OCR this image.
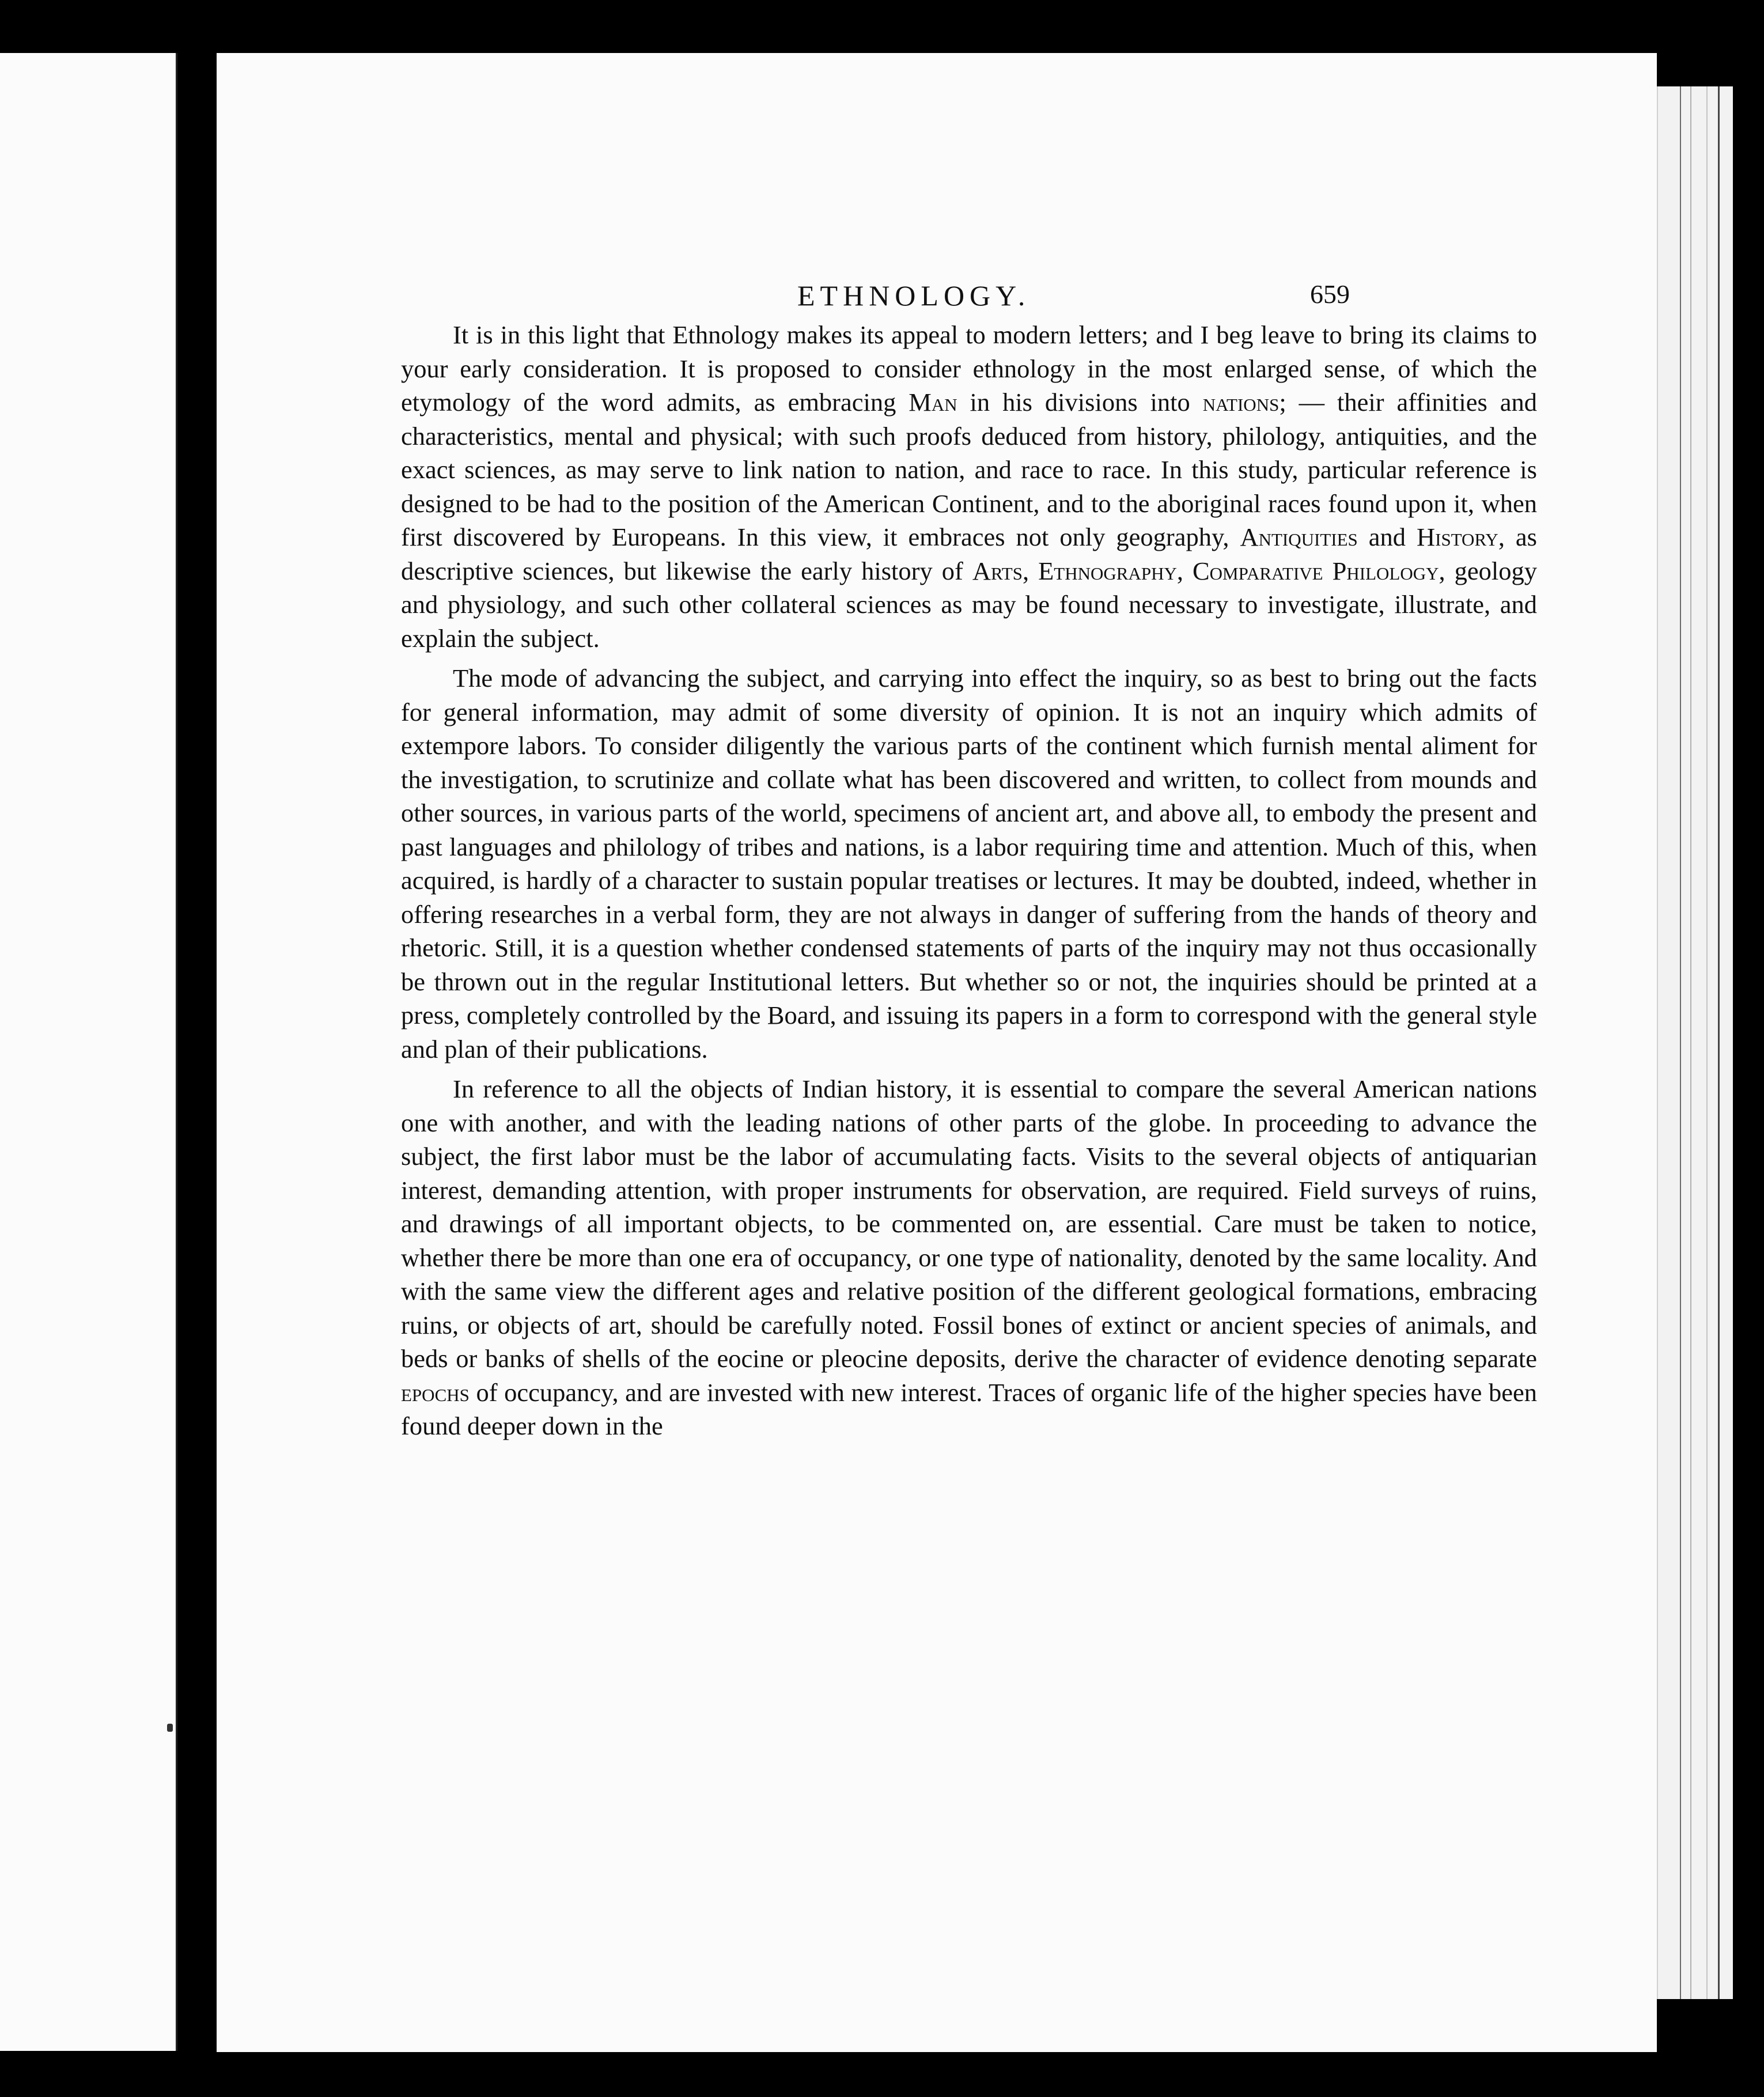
ETHNOLOGY.	659

It is in this light that Ethnology makes its appeal to modern letters; and I beg leave to bring its claims to your early consideration. It is proposed to consider ethnology in the most enlarged sense, of which the etymology of the word admits, as embracing Man in his divisions into nations; — their affinities and characteristics, mental and physical; with such proofs deduced from history, philology, antiquities, and the exact sciences, as may serve to link nation to nation, and race to race. In this study, particular reference is designed to be had to the position of the American Continent, and to the aboriginal races found upon it, when first discovered by Europeans. In this view, it embraces not only geography, Antiquities and History, as descriptive sciences, but likewise the early history of Arts, Ethnography, Comparative Philology, geology and physiology, and such other collateral sciences as may be found necessary to investigate, illustrate, and explain the subject.

The mode of advancing the subject, and carrying into effect the inquiry, so as best to bring out the facts for general information, may admit of some diversity of opinion. It is not an inquiry which admits of extempore labors. To consider diligently the various parts of the continent which furnish mental aliment for the investigation, to scrutinize and collate what has been discovered and written, to collect from mounds and other sources, in various parts of the world, specimens of ancient art, and above all, to embody the present and past languages and philology of tribes and nations, is a labor requiring time and attention. Much of this, when acquired, is hardly of a character to sustain popular treatises or lectures. It may be doubted, indeed, whether in offering researches in a verbal form, they are not always in danger of suffering from the hands of theory and rhetoric. Still, it is a question whether condensed statements of parts of the inquiry may not thus occasionally be thrown out in the regular Institutional letters. But whether so or not, the inquiries should be printed at a press, completely controlled by the Board, and issuing its papers in a form to correspond with the general style and plan of their publications.

In reference to all the objects of Indian history, it is essential to compare the several American nations one with another, and with the leading nations of other parts of the globe. In proceeding to advance the subject, the first labor must be the labor of accumulating facts. Visits to the several objects of antiquarian interest, demanding attention, with proper instruments for observation, are required. Field surveys of ruins, and drawings of all important objects, to be commented on, are essential. Care must be taken to notice, whether there be more than one era of occupancy, or one type of nationality, denoted by the same locality. And with the same view the different ages and relative position of the different geological formations, embracing ruins, or objects of art, should be carefully noted. Fossil bones of extinct or ancient species of animals, and beds or banks of shells of the eocine or pleocine deposits, derive the character of evidence denoting separate epochs of occupancy, and are invested with new interest. Traces of organic life of the higher species have been found deeper down in the
